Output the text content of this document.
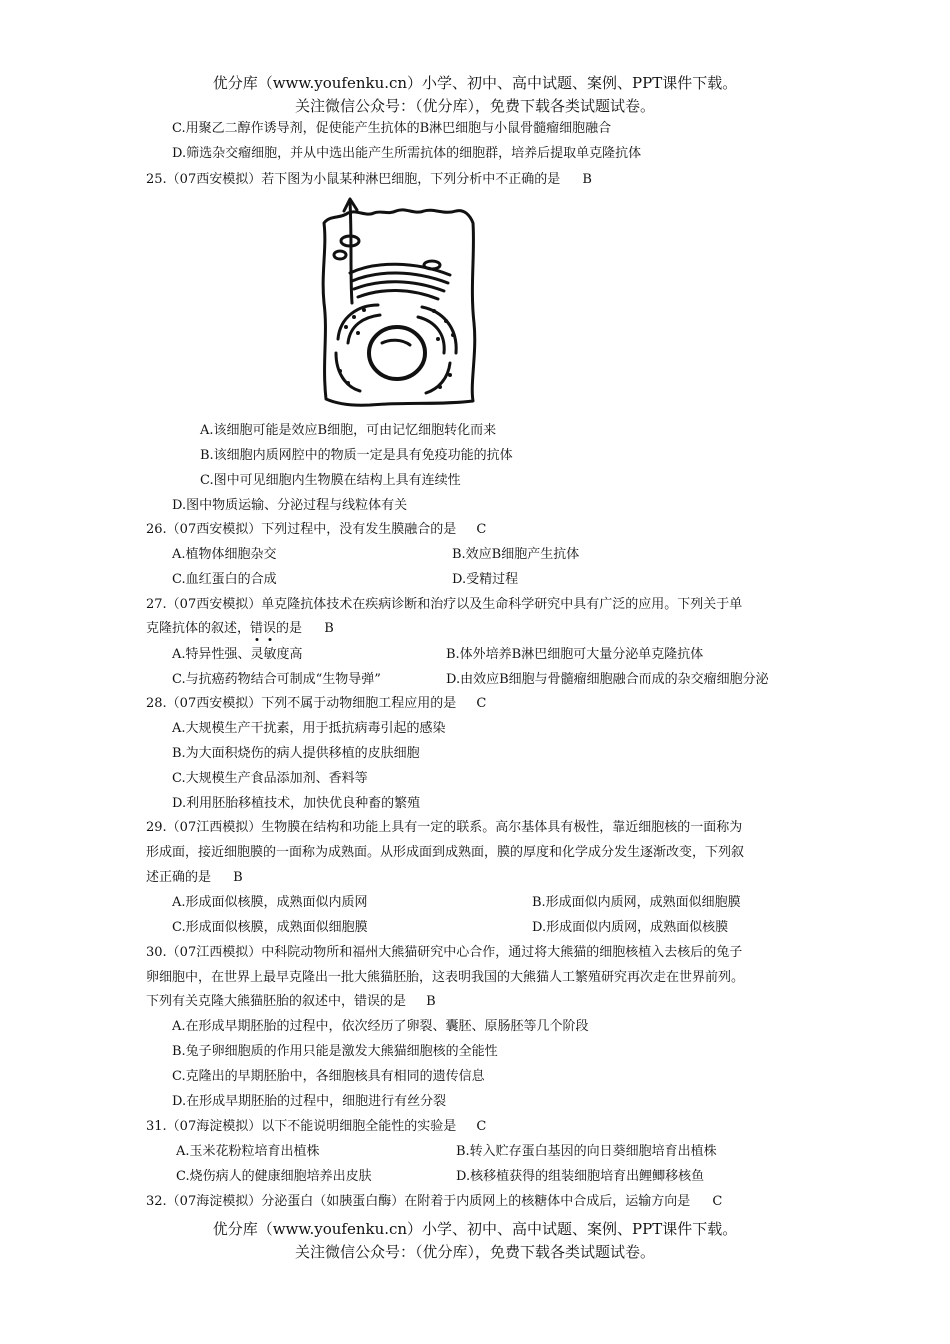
优分库（www.youfenku.cn）小学、初中、高中试题、案例、PPT课件下载。
关注微信公众号：（优分库），免费下载各类试题试卷。
C.用聚乙二醇作诱导剂，促使能产生抗体的B淋巴细胞与小鼠骨髓瘤细胞融合
D.筛选杂交瘤细胞，并从中选出能产生所需抗体的细胞群，培养后提取单克隆抗体
25.（07西安模拟）若下图为小鼠某种淋巴细胞，下列分析中不正确的是 B
A.该细胞可能是效应B细胞，可由记忆细胞转化而来
B.该细胞内质网腔中的物质一定是具有免疫功能的抗体
C.图中可见细胞内生物膜在结构上具有连续性
D.图中物质运输、分泌过程与线粒体有关
26.（07西安模拟）下列过程中，没有发生膜融合的是 C
A.植物体细胞杂交	B.效应B细胞产生抗体
C.血红蛋白的合成	D.受精过程
27.（07西安模拟）单克隆抗体技术在疾病诊断和治疗以及生命科学研究中具有广泛的应用。下列关于单
克隆抗体的叙述，错误的是 B
A.特异性强、灵敏度高	B.体外培养B淋巴细胞可大量分泌单克隆抗体
C.与抗癌药物结合可制成“生物导弹”	D.由效应B细胞与骨髓瘤细胞融合而成的杂交瘤细胞分泌
28.（07西安模拟）下列不属于动物细胞工程应用的是 C
A.大规模生产干扰素，用于抵抗病毒引起的感染
B.为大面积烧伤的病人提供移植的皮肤细胞
C.大规模生产食品添加剂、香料等
D.利用胚胎移植技术，加快优良种畜的繁殖
29.（07江西模拟）生物膜在结构和功能上具有一定的联系。高尔基体具有极性，靠近细胞核的一面称为
形成面，接近细胞膜的一面称为成熟面。从形成面到成熟面，膜的厚度和化学成分发生逐渐改变，下列叙
述正确的是 B
A.形成面似核膜，成熟面似内质网	B.形成面似内质网，成熟面似细胞膜
C.形成面似核膜，成熟面似细胞膜	D.形成面似内质网，成熟面似核膜
30.（07江西模拟）中科院动物所和福州大熊猫研究中心合作，通过将大熊猫的细胞核植入去核后的兔子
卵细胞中，在世界上最早克隆出一批大熊猫胚胎，这表明我国的大熊猫人工繁殖研究再次走在世界前列。
下列有关克隆大熊猫胚胎的叙述中，错误的是 B
A.在形成早期胚胎的过程中，依次经历了卵裂、囊胚、原肠胚等几个阶段
B.兔子卵细胞质的作用只能是激发大熊猫细胞核的全能性
C.克隆出的早期胚胎中，各细胞核具有相同的遗传信息
D.在形成早期胚胎的过程中，细胞进行有丝分裂
31.（07海淀模拟）以下不能说明细胞全能性的实验是 C
A.玉米花粉粒培育出植株	B.转入贮存蛋白基因的向日葵细胞培育出植株
C.烧伤病人的健康细胞培养出皮肤	D.核移植获得的组装细胞培育出鲤鲫移核鱼
32.（07海淀模拟）分泌蛋白（如胰蛋白酶）在附着于内质网上的核糖体中合成后，运输方向是 C
优分库（www.youfenku.cn）小学、初中、高中试题、案例、PPT课件下载。
关注微信公众号：（优分库），免费下载各类试题试卷。
